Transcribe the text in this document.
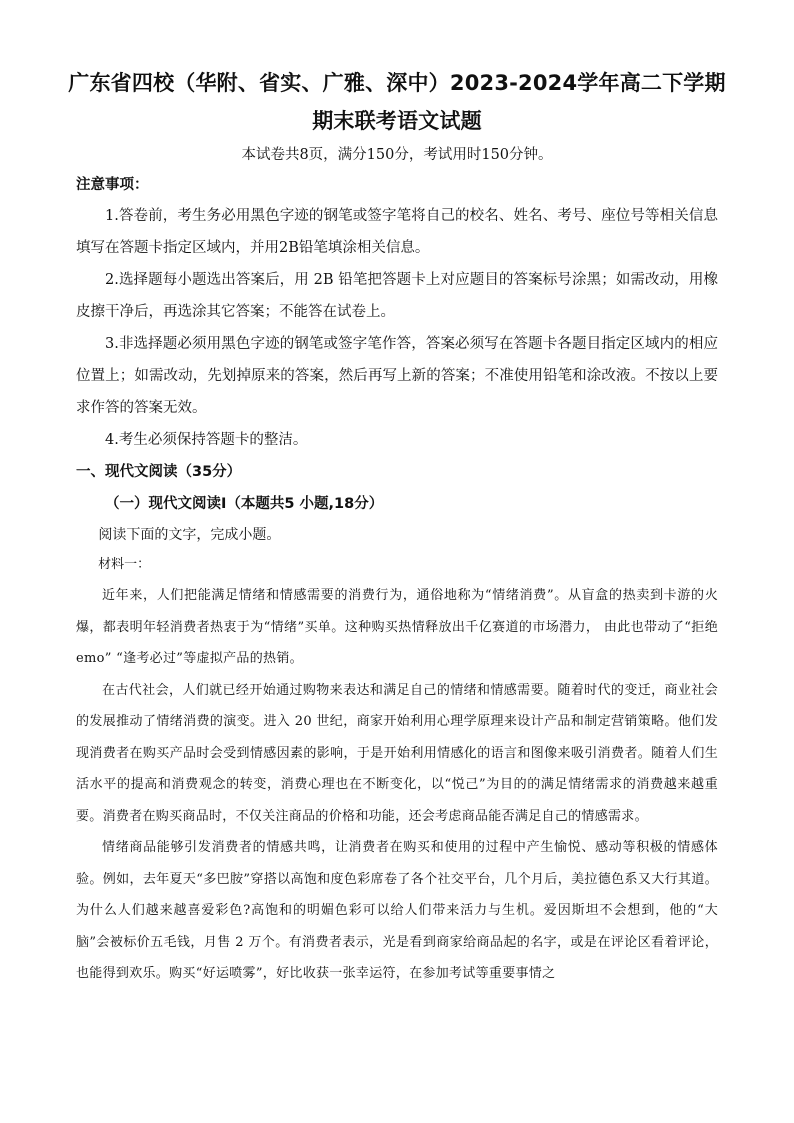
广东省四校（华附、省实、广雅、深中）2023-2024学年高二下学期期末联考语文试题
本试卷共8页，满分150分，考试用时150分钟。
注意事项：

1.答卷前，考生务必用黑色字迹的钢笔或签字笔将自己的校名、姓名、考号、座位号等相关信息填写在答题卡指定区域内，并用2B铅笔填涂相关信息。

2.选择题每小题选出答案后，用 2B 铅笔把答题卡上对应题目的答案标号涂黑；如需改动，用橡皮擦干净后，再选涂其它答案；不能答在试卷上。

3.非选择题必须用黑色字迹的钢笔或签字笔作答，答案必须写在答题卡各题目指定区域内的相应位置上；如需改动，先划掉原来的答案，然后再写上新的答案；不准使用铅笔和涂改液。不按以上要求作答的答案无效。

4.考生必须保持答题卡的整洁。

一、现代文阅读（35分）

（一）现代文阅读Ⅰ（本题共5 小题,18分）

阅读下面的文字，完成小题。

材料一：

近年来，人们把能满足情绪和情感需要的消费行为，通俗地称为“情绪消费”。从盲盒的热卖到卡游的火爆，都表明年轻消费者热衷于为“情绪”买单。这种购买热情释放出千亿赛道的市场潜力， 由此也带动了“拒绝 emo” “逢考必过”等虚拟产品的热销。

在古代社会，人们就已经开始通过购物来表达和满足自己的情绪和情感需要。随着时代的变迁，商业社会的发展推动了情绪消费的演变。进入 20 世纪，商家开始利用心理学原理来设计产品和制定营销策略。他们发现消费者在购买产品时会受到情感因素的影响，于是开始利用情感化的语言和图像来吸引消费者。随着人们生活水平的提高和消费观念的转变，消费心理也在不断变化，以“悦己”为目的的满足情绪需求的消费越来越重要。消费者在购买商品时，不仅关注商品的价格和功能，还会考虑商品能否满足自己的情感需求。

情绪商品能够引发消费者的情感共鸣，让消费者在购买和使用的过程中产生愉悦、感动等积极的情感体验。例如，去年夏天“多巴胺”穿搭以高饱和度色彩席卷了各个社交平台，几个月后，美拉德色系又大行其道。为什么人们越来越喜爱彩色?高饱和的明媚色彩可以给人们带来活力与生机。爱因斯坦不会想到，他的“大脑”会被标价五毛钱，月售 2 万个。有消费者表示，光是看到商家给商品起的名字，或是在评论区看着评论，也能得到欢乐。购买“好运喷雾”，好比收获一张幸运符，在参加考试等重要事情之
